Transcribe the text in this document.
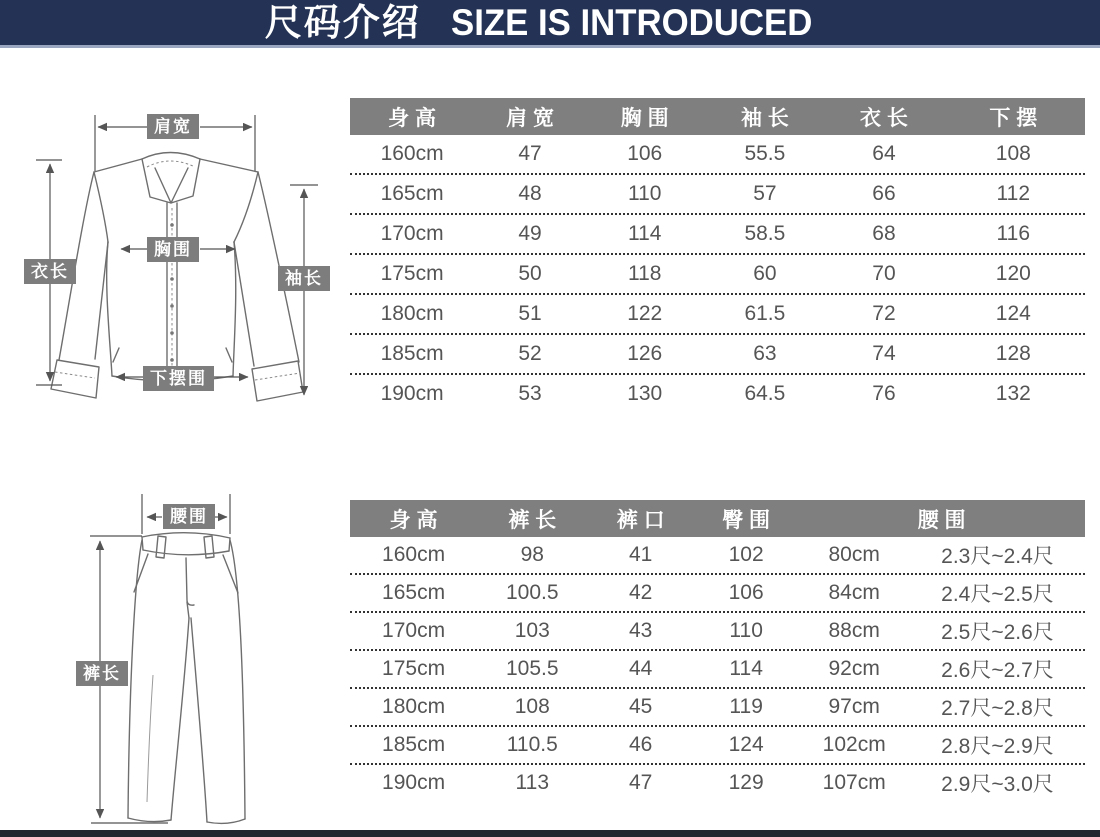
尺码介绍 SIZE IS INTRODUCED
肩宽
胸围
衣长	袖长
下摆围
腰围
裤长
身 高	肩 宽	胸 围	袖 长	衣 长	下 摆
160cm	47	106	55.5	64	108
165cm	48	110	57	66	112
170cm	49	114	58.5	68	116
175cm	50	118	60	70	120
180cm	51	122	61.5	72	124
185cm	52	126	63	74	128
190cm	53	130	64.5	76	132
身 高	裤 长	裤 口	臀 围	腰 围
160cm	98	41	102	80cm	2.3尺~2.4尺
165cm	100.5	42	106	84cm	2.4尺~2.5尺
170cm	103	43	110	88cm	2.5尺~2.6尺
175cm	105.5	44	114	92cm	2.6尺~2.7尺
180cm	108	45	119	97cm	2.7尺~2.8尺
185cm	110.5	46	124	102cm	2.8尺~2.9尺
190cm	113	47	129	107cm	2.9尺~3.0尺
